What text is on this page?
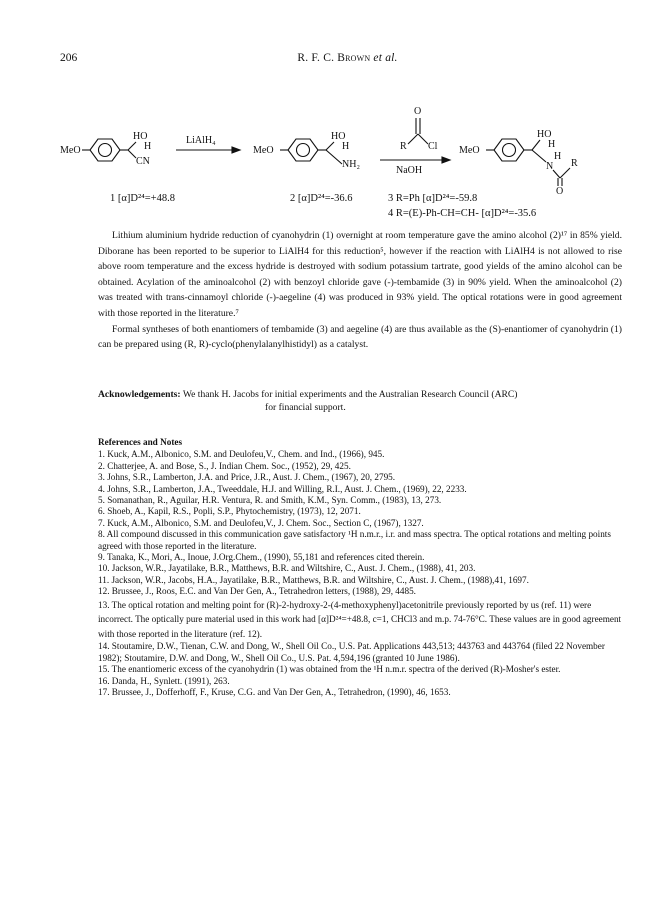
206	R. F. C. Brown et al.
MeO
HO
H
CN
LiAlH₄
MeO
HO
H
NH₂
O
R Cl
NaOH
MeO
HO
H
H
N R
O
1 [α]D²⁴=+48.8	2 [α]D²⁴=-36.6	3 R=Ph [α]D²⁴=-59.8
4 R=(E)-Ph-CH=CH- [α]D²⁴=-35.6

Lithium aluminium hydride reduction of cyanohydrin (1) overnight at room temperature gave the amino alcohol (2)¹⁷ in 85% yield. Diborane has been reported to be superior to LiAlH4 for this reduction⁵, however if the reaction with LiAlH4 is not allowed to rise above room temperature and the excess hydride is destroyed with sodium potassium tartrate, good yields of the amino alcohol can be obtained. Acylation of the aminoalcohol (2) with benzoyl chloride gave (-)-tembamide (3) in 90% yield. When the aminoalcohol (2) was treated with trans-cinnamoyl chloride (-)-aegeline (4) was produced in 93% yield. The optical rotations were in good agreement with those reported in the literature.⁷

Formal syntheses of both enantiomers of tembamide (3) and aegeline (4) are thus available as the (S)-enantiomer of cyanohydrin (1) can be prepared using (R, R)-cyclo(phenylalanylhistidyl) as a catalyst.

Acknowledgements: We thank H. Jacobs for initial experiments and the Australian Research Council (ARC)
for financial support.
References and Notes
1. Kuck, A.M., Albonico, S.M. and Deulofeu,V., Chem. and Ind., (1966), 945.
2. Chatterjee, A. and Bose, S., J. Indian Chem. Soc., (1952), 29, 425.
3. Johns, S.R., Lamberton, J.A. and Price, J.R., Aust. J. Chem., (1967), 20, 2795.
4. Johns, S.R., Lamberton, J.A., Tweeddale, H.J. and Willing, R.I., Aust. J. Chem., (1969), 22, 2233.
5. Somanathan, R., Aguilar, H.R. Ventura, R. and Smith, K.M., Syn. Comm., (1983), 13, 273.
6. Shoeb, A., Kapil, R.S., Popli, S.P., Phytochemistry, (1973), 12, 2071.
7. Kuck, A.M., Albonico, S.M. and Deulofeu,V., J. Chem. Soc., Section C, (1967), 1327.
8. All compound discussed in this communication gave satisfactory ¹H n.m.r., i.r. and mass spectra. The optical rotations and melting points agreed with those reported in the literature.
9. Tanaka, K., Mori, A., Inoue, J.Org.Chem., (1990), 55,181 and references cited therein.
10. Jackson, W.R., Jayatilake, B.R., Matthews, B.R. and Wiltshire, C., Aust. J. Chem., (1988), 41, 203.
11. Jackson, W.R., Jacobs, H.A., Jayatilake, B.R., Matthews, B.R. and Wiltshire, C., Aust. J. Chem., (1988),41, 1697.
12. Brussee, J., Roos, E.C. and Van Der Gen, A., Tetrahedron letters, (1988), 29, 4485.
13. The optical rotation and melting point for (R)-2-hydroxy-2-(4-methoxyphenyl)acetonitrile previously reported by us (ref. 11) were incorrect. The optically pure material used in this work had [α]D²⁴=+48.8, c=1, CHCl3 and m.p. 74-76°C. These values are in good agreement with those reported in the literature (ref. 12).
14. Stoutamire, D.W., Tienan, C.W. and Dong, W., Shell Oil Co., U.S. Pat. Applications 443,513; 443763 and 443764 (filed 22 November 1982); Stoutamire, D.W. and Dong, W., Shell Oil Co., U.S. Pat. 4,594,196 (granted 10 June 1986).
15. The enantiomeric excess of the cyanohydrin (1) was obtained from the ¹H n.m.r. spectra of the derived (R)-Mosher's ester.
16. Danda, H., Synlett. (1991), 263.
17. Brussee, J., Dofferhoff, F., Kruse, C.G. and Van Der Gen, A., Tetrahedron, (1990), 46, 1653.
